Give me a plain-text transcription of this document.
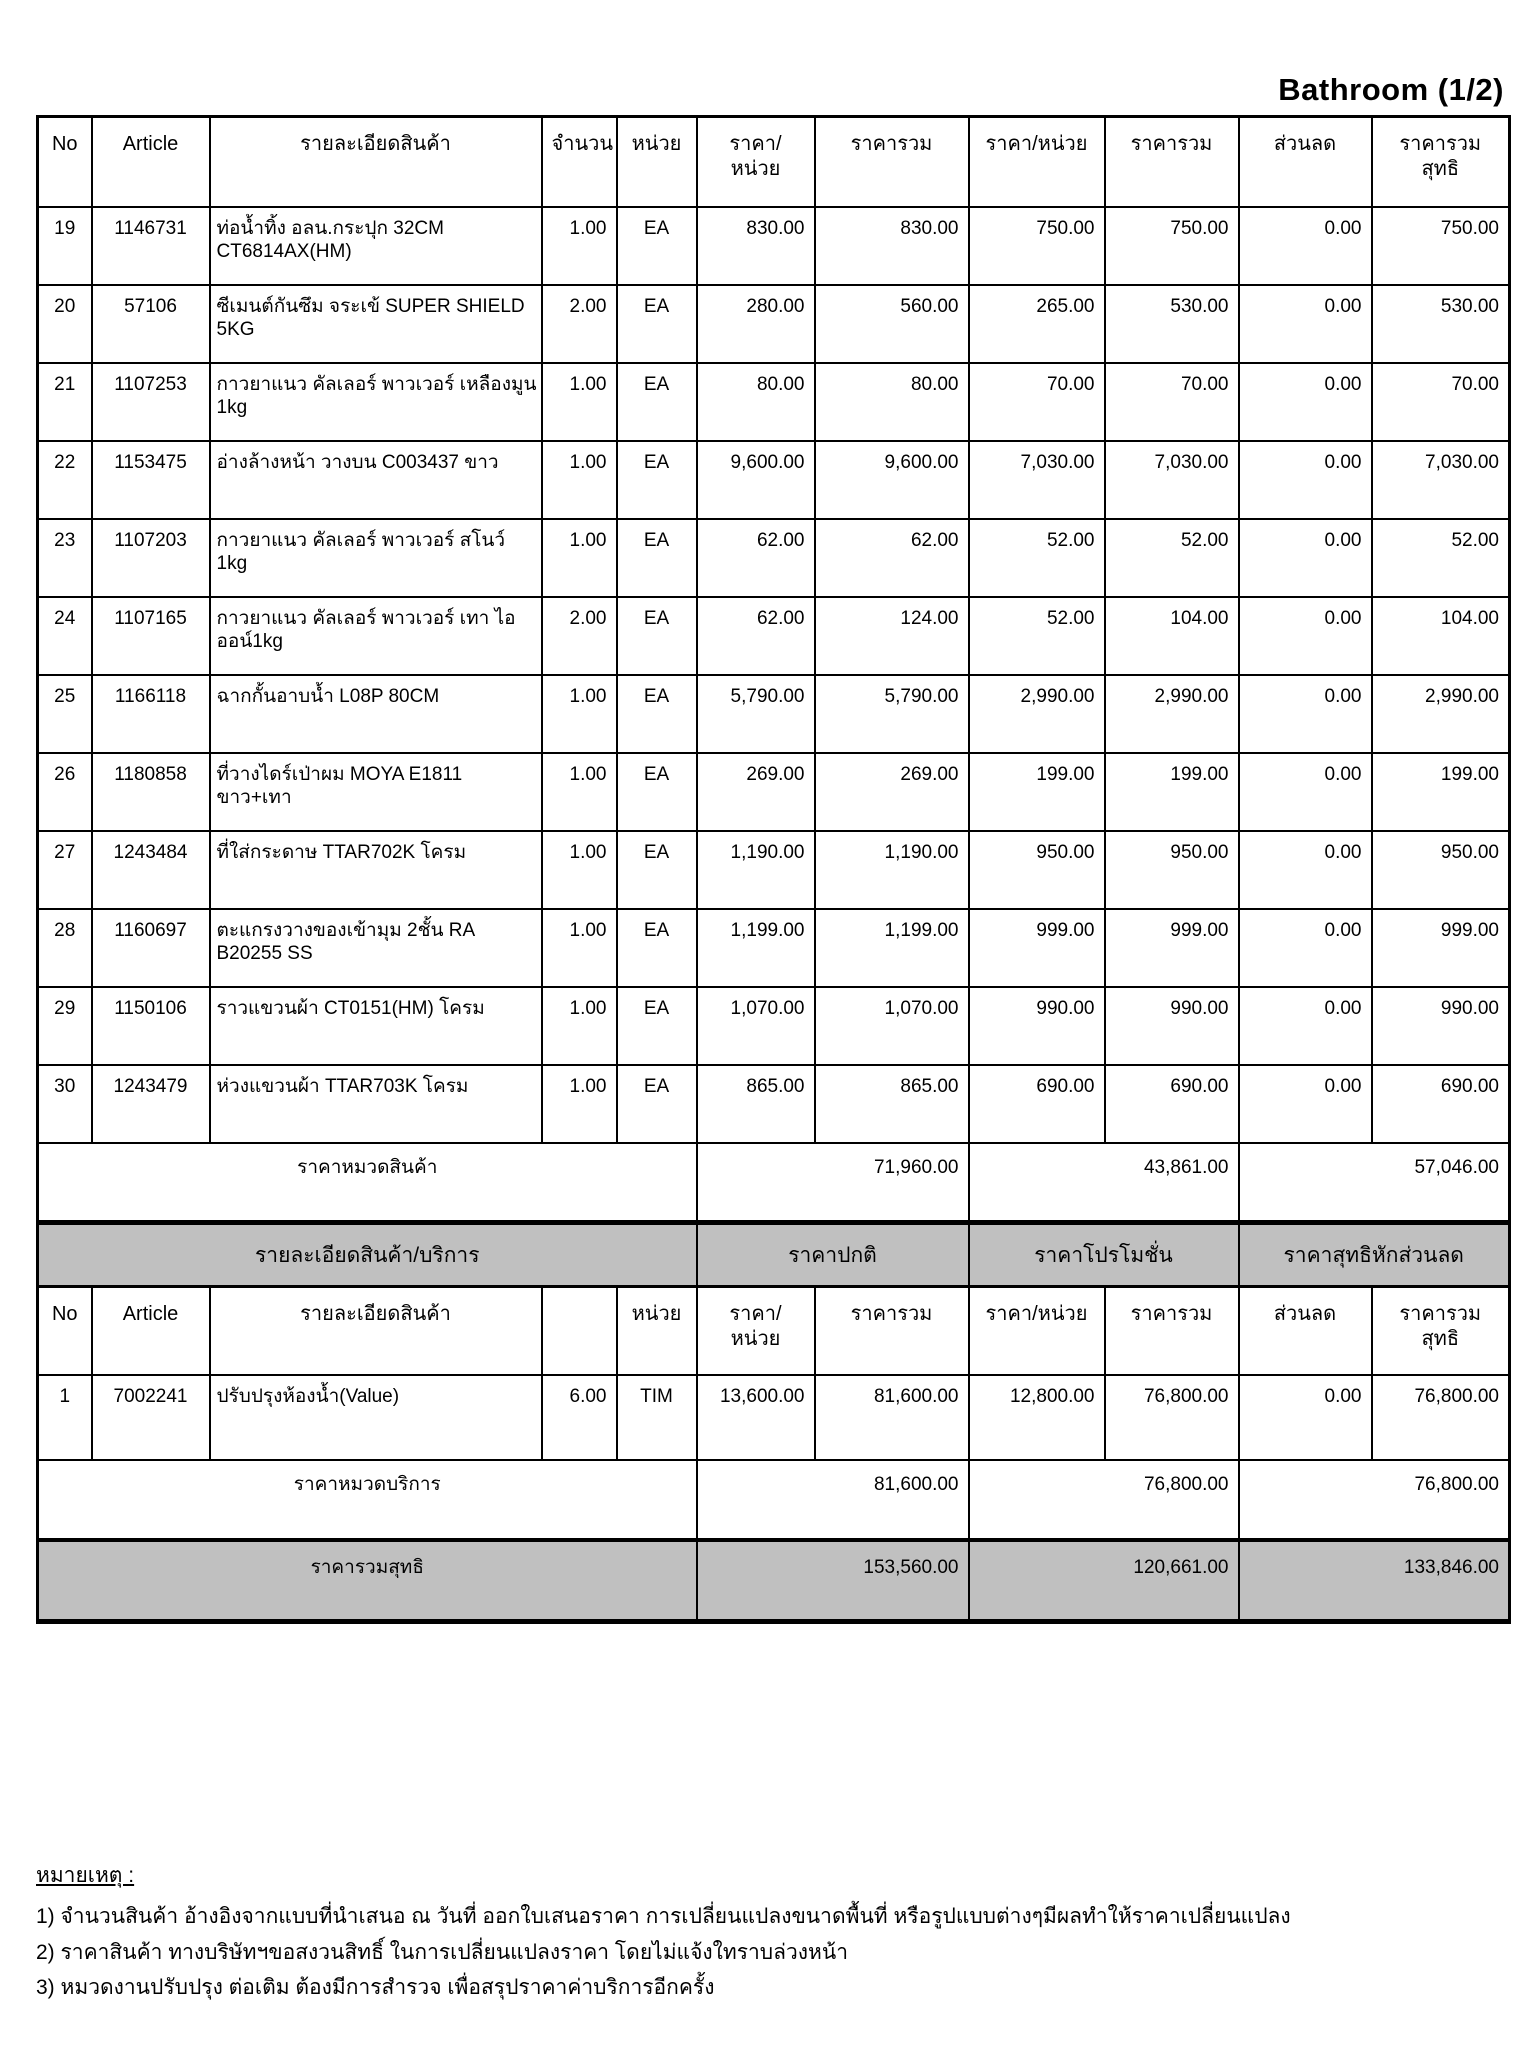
Bathroom (1/2)
No	Article	รายละเอียดสินค้า	จำนวน	หน่วย	ราคา/หน่วย	ราคารวม	ราคา/หน่วย	ราคารวม	ส่วนลด	ราคารวมสุทธิ
19	1146731	ท่อน้ำทิ้ง อลน.กระปุก 32CM CT6814AX(HM)	1.00	EA	830.00	830.00	750.00	750.00	0.00	750.00
20	57106	ซีเมนต์กันซึม จระเข้ SUPER SHIELD 5KG	2.00	EA	280.00	560.00	265.00	530.00	0.00	530.00
21	1107253	กาวยาแนว คัลเลอร์ พาวเวอร์ เหลืองมูน 1kg	1.00	EA	80.00	80.00	70.00	70.00	0.00	70.00
22	1153475	อ่างล้างหน้า วางบน C003437 ขาว	1.00	EA	9,600.00	9,600.00	7,030.00	7,030.00	0.00	7,030.00
23	1107203	กาวยาแนว คัลเลอร์ พาวเวอร์ สโนว์ 1kg	1.00	EA	62.00	62.00	52.00	52.00	0.00	52.00
24	1107165	กาวยาแนว คัลเลอร์ พาวเวอร์ เทา ไอออน์1kg	2.00	EA	62.00	124.00	52.00	104.00	0.00	104.00
25	1166118	ฉากกั้นอาบน้ำ L08P 80CM	1.00	EA	5,790.00	5,790.00	2,990.00	2,990.00	0.00	2,990.00
26	1180858	ที่วางไดร์เป่าผม MOYA E1811 ขาว+เทา	1.00	EA	269.00	269.00	199.00	199.00	0.00	199.00
27	1243484	ที่ใส่กระดาษ TTAR702K โครม	1.00	EA	1,190.00	1,190.00	950.00	950.00	0.00	950.00
28	1160697	ตะแกรงวางของเข้ามุม 2ชั้น RA B20255 SS	1.00	EA	1,199.00	1,199.00	999.00	999.00	0.00	999.00
29	1150106	ราวแขวนผ้า CT0151(HM) โครม	1.00	EA	1,070.00	1,070.00	990.00	990.00	0.00	990.00
30	1243479	ห่วงแขวนผ้า TTAR703K โครม	1.00	EA	865.00	865.00	690.00	690.00	0.00	690.00
ราคาหมวดสินค้า					71,960.00		43,861.00		57,046.00	
รายละเอียดสินค้า/บริการ					ราคาปกติ		ราคาโปรโมชั่น		ราคาสุทธิหักส่วนลด	
No	Article	รายละเอียดสินค้า		หน่วย	ราคา/หน่วย	ราคารวม	ราคา/หน่วย	ราคารวม	ส่วนลด	ราคารวมสุทธิ
1	7002241	ปรับปรุงห้องน้ำ(Value)	6.00	TIM	13,600.00	81,600.00	12,800.00	76,800.00	0.00	76,800.00
ราคาหมวดบริการ					81,600.00		76,800.00		76,800.00	
ราคารวมสุทธิ					153,560.00		120,661.00		133,846.00	
หมายเหตุ :
1) จำนวนสินค้า อ้างอิงจากแบบที่นำเสนอ ณ วันที่ ออกใบเสนอราคา การเปลี่ยนแปลงขนาดพื้นที่ หรือรูปแบบต่างๆมีผลทำให้ราคาเปลี่ยนแปลง
2) ราคาสินค้า ทางบริษัทฯขอสงวนสิทธิ์ ในการเปลี่ยนแปลงราคา โดยไม่แจ้งใทราบล่วงหน้า
3) หมวดงานปรับปรุง ต่อเติม ต้องมีการสำรวจ เพื่อสรุปราคาค่าบริการอีกครั้ง
